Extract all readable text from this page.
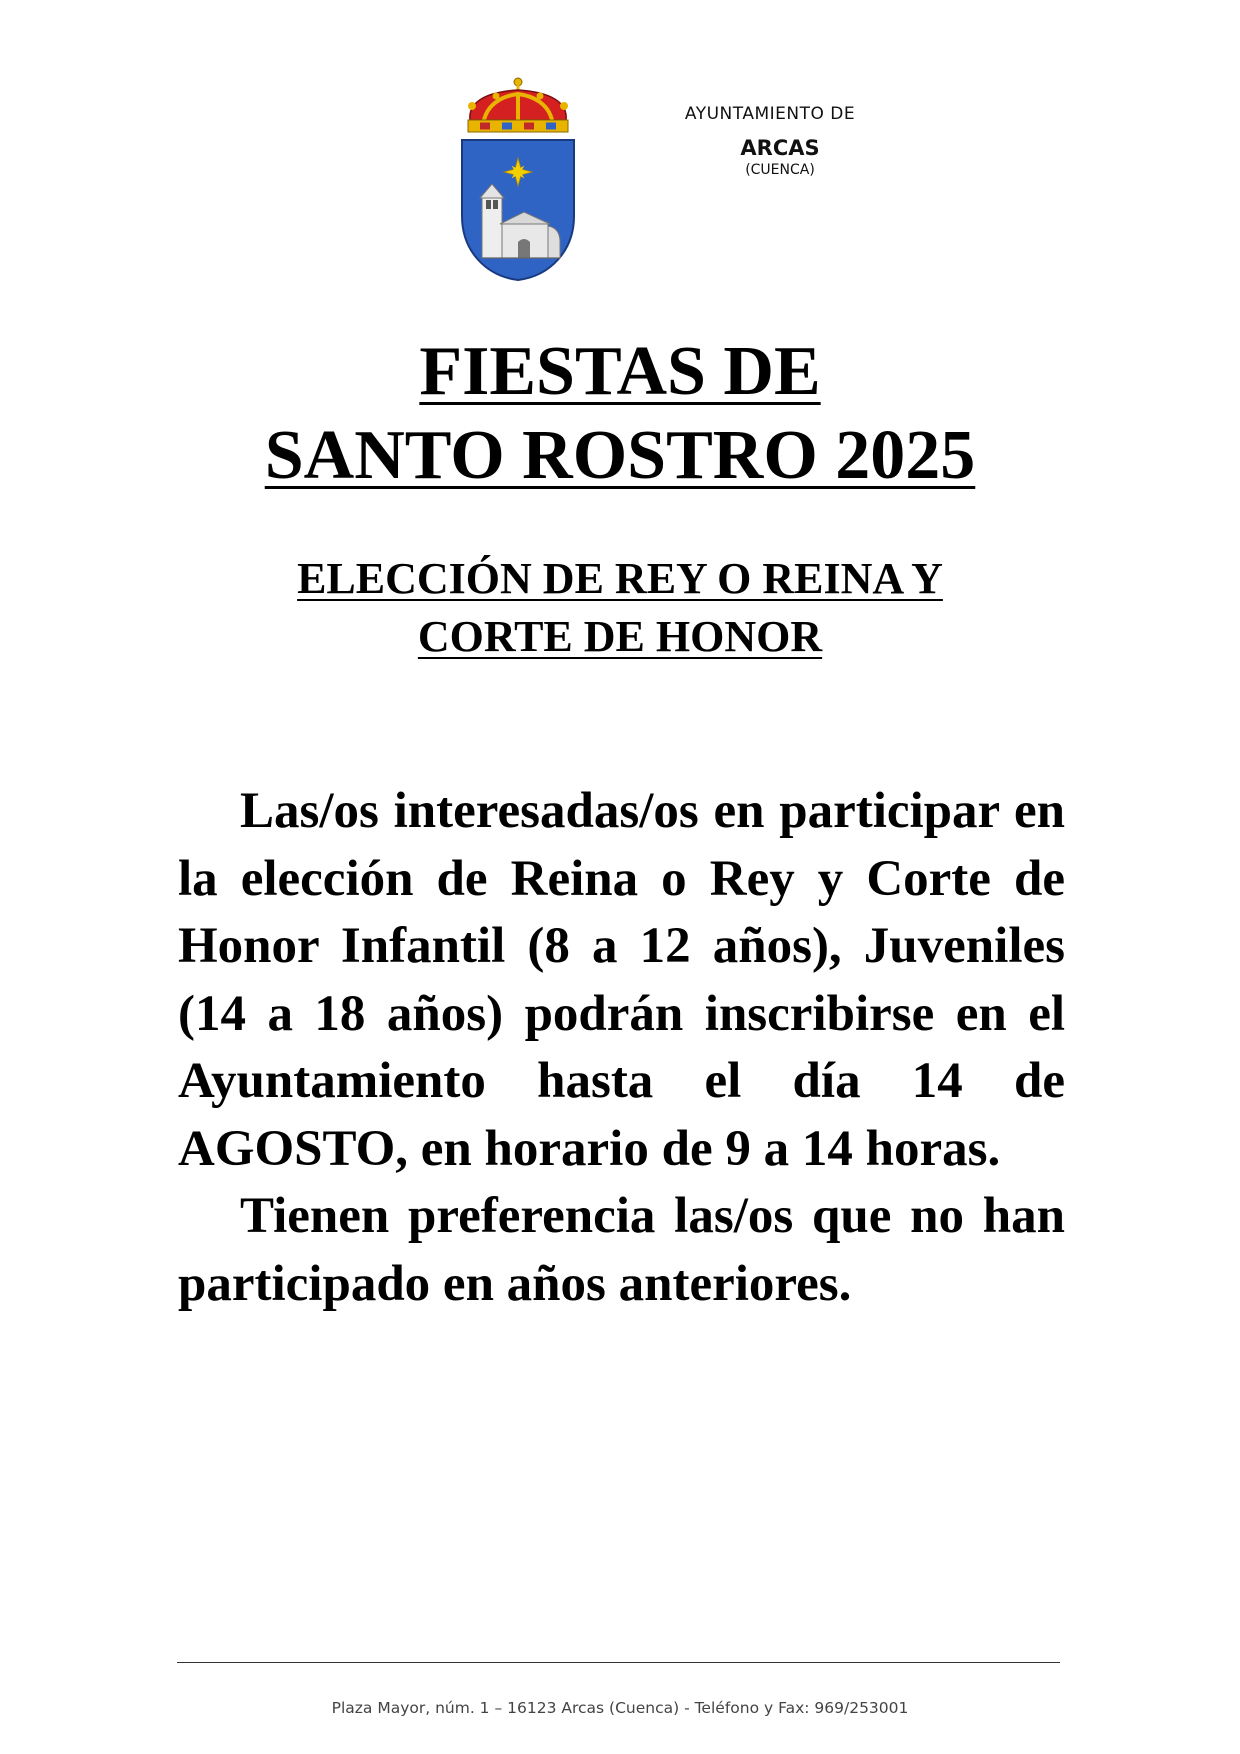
AYUNTAMIENTO DE
ARCAS
(CUENCA)
FIESTAS DE
SANTO ROSTRO 2025
ELECCIÓN DE REY O REINA Y
CORTE DE HONOR

Las/os interesadas/os en participar en la elección de Reina o Rey y Corte de Honor Infantil (8 a 12 años), Juveniles (14 a 18 años) podrán inscribirse en el Ayuntamiento hasta el día 14 de AGOSTO, en horario de 9 a 14 horas.

Tienen preferencia las/os que no han participado en años anteriores.

Plaza Mayor, núm. 1 – 16123 Arcas (Cuenca) - Teléfono y Fax: 969/253001
